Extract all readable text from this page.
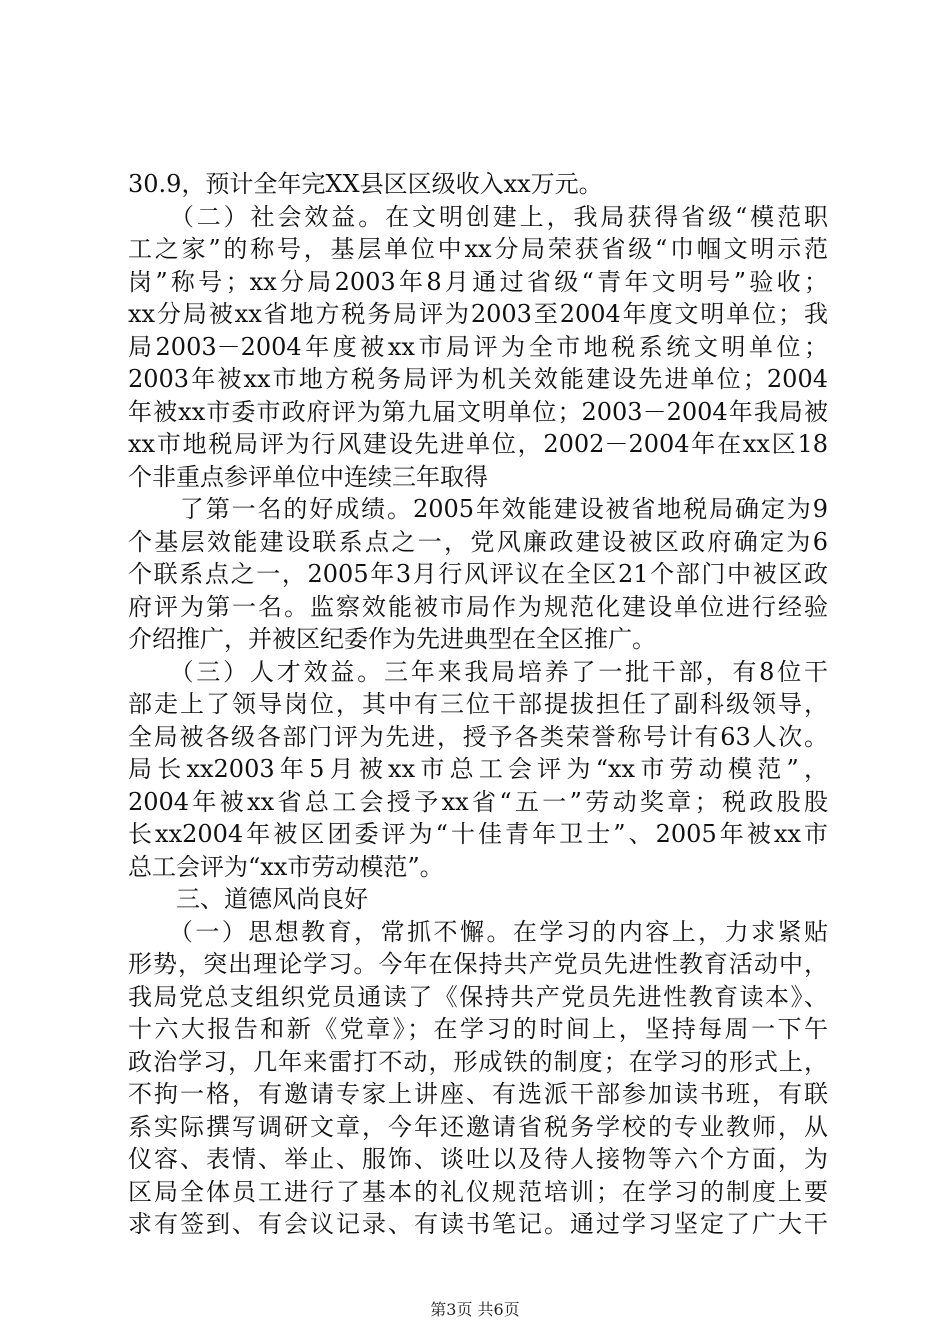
30.9，预计全年完XX县区区级收入xx万元。
　　（二）社会效益。在文明创建上，我局获得省级“模范职
工之家”的称号，基层单位中xx分局荣获省级“巾帼文明示范
岗”称号；xx分局2003年8月通过省级“青年文明号”验收；
xx分局被xx省地方税务局评为2003至2004年度文明单位；我
局2003－2004年度被xx市局评为全市地税系统文明单位；
2003年被xx市地方税务局评为机关效能建设先进单位；2004
年被xx市委市政府评为第九届文明单位；2003－2004年我局被
xx市地税局评为行风建设先进单位，2002－2004年在xx区18
个非重点参评单位中连续三年取得
　　了第一名的好成绩。2005年效能建设被省地税局确定为9
个基层效能建设联系点之一，党风廉政建设被区政府确定为6
个联系点之一，2005年3月行风评议在全区21个部门中被区政
府评为第一名。监察效能被市局作为规范化建设单位进行经验
介绍推广，并被区纪委作为先进典型在全区推广。
　　（三）人才效益。三年来我局培养了一批干部，有8位干
部走上了领导岗位，其中有三位干部提拔担任了副科级领导，
全局被各级各部门评为先进，授予各类荣誉称号计有63人次。
局长xx2003年5月被xx市总工会评为“xx市劳动模范”，
2004年被xx省总工会授予xx省“五一”劳动奖章；税政股股
长xx2004年被区团委评为“十佳青年卫士”、2005年被xx市
总工会评为“xx市劳动模范”。
　　三、道德风尚良好
　　（一）思想教育，常抓不懈。在学习的内容上，力求紧贴
形势，突出理论学习。今年在保持共产党员先进性教育活动中，
我局党总支组织党员通读了《保持共产党员先进性教育读本》、
十六大报告和新《党章》；在学习的时间上，坚持每周一下午
政治学习，几年来雷打不动，形成铁的制度；在学习的形式上，
不拘一格，有邀请专家上讲座、有选派干部参加读书班，有联
系实际撰写调研文章，今年还邀请省税务学校的专业教师，从
仪容、表情、举止、服饰、谈吐以及待人接物等六个方面，为
区局全体员工进行了基本的礼仪规范培训；在学习的制度上要
求有签到、有会议记录、有读书笔记。通过学习坚定了广大干
第3页 共6页
